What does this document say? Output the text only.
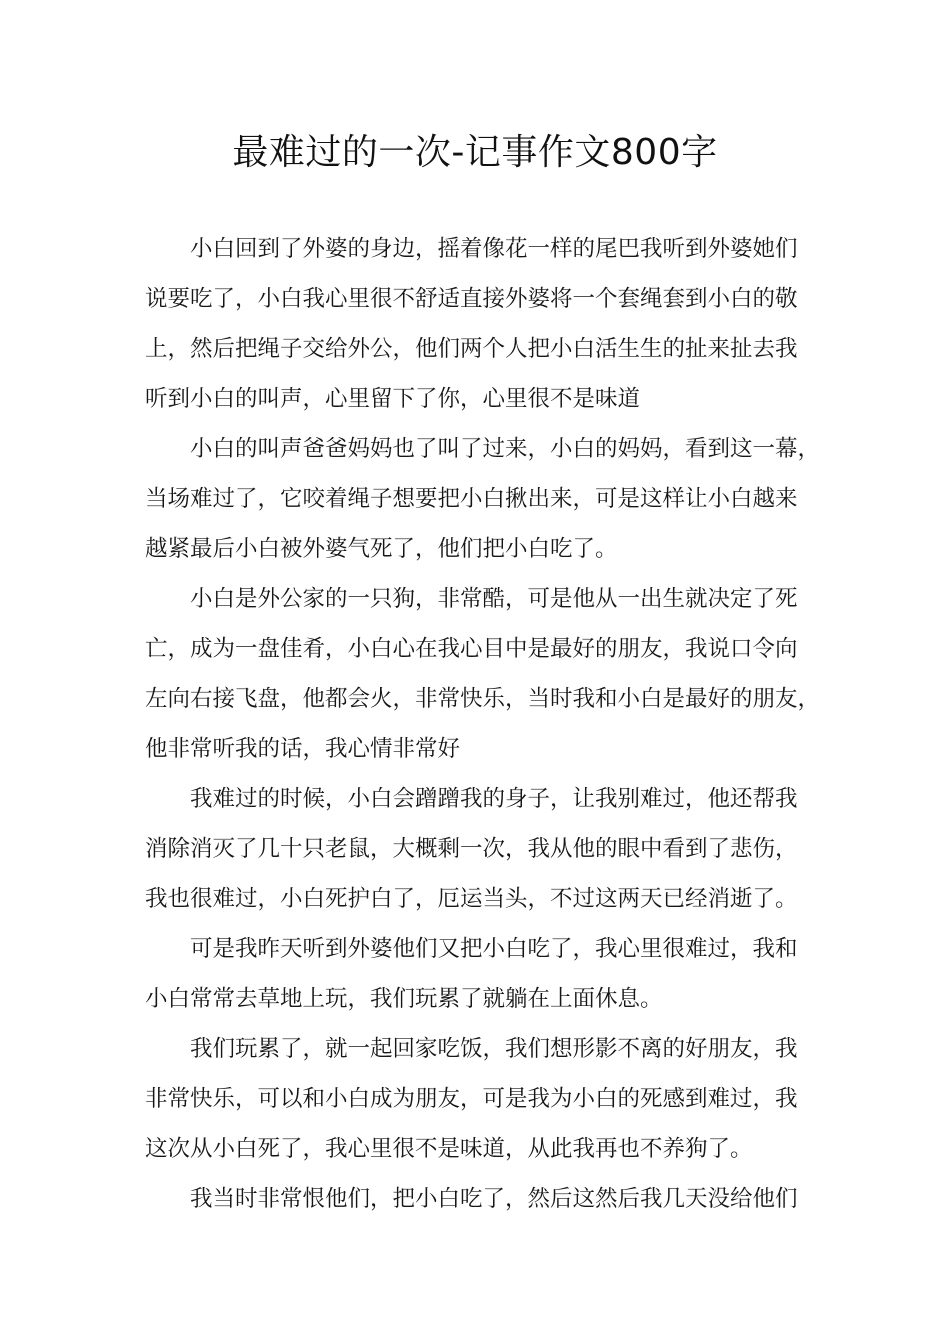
最难过的一次-记事作文800字
小白回到了外婆的身边，摇着像花一样的尾巴我听到外婆她们
说要吃了，小白我心里很不舒适直接外婆将一个套绳套到小白的敬
上，然后把绳子交给外公，他们两个人把小白活生生的扯来扯去我
听到小白的叫声，心里留下了你，心里很不是味道
小白的叫声爸爸妈妈也了叫了过来，小白的妈妈，看到这一幕，
当场难过了，它咬着绳子想要把小白揪出来，可是这样让小白越来
越紧最后小白被外婆气死了，他们把小白吃了。
小白是外公家的一只狗，非常酷，可是他从一出生就决定了死
亡，成为一盘佳肴，小白心在我心目中是最好的朋友，我说口令向
左向右接飞盘，他都会火，非常快乐，当时我和小白是最好的朋友，
他非常听我的话，我心情非常好
我难过的时候，小白会蹭蹭我的身子，让我别难过，他还帮我
消除消灭了几十只老鼠，大概剩一次，我从他的眼中看到了悲伤，
我也很难过，小白死护白了，厄运当头，不过这两天已经消逝了。
可是我昨天听到外婆他们又把小白吃了，我心里很难过，我和
小白常常去草地上玩，我们玩累了就躺在上面休息。
我们玩累了，就一起回家吃饭，我们想形影不离的好朋友，我
非常快乐，可以和小白成为朋友，可是我为小白的死感到难过，我
这次从小白死了，我心里很不是味道，从此我再也不养狗了。
我当时非常恨他们，把小白吃了，然后这然后我几天没给他们
